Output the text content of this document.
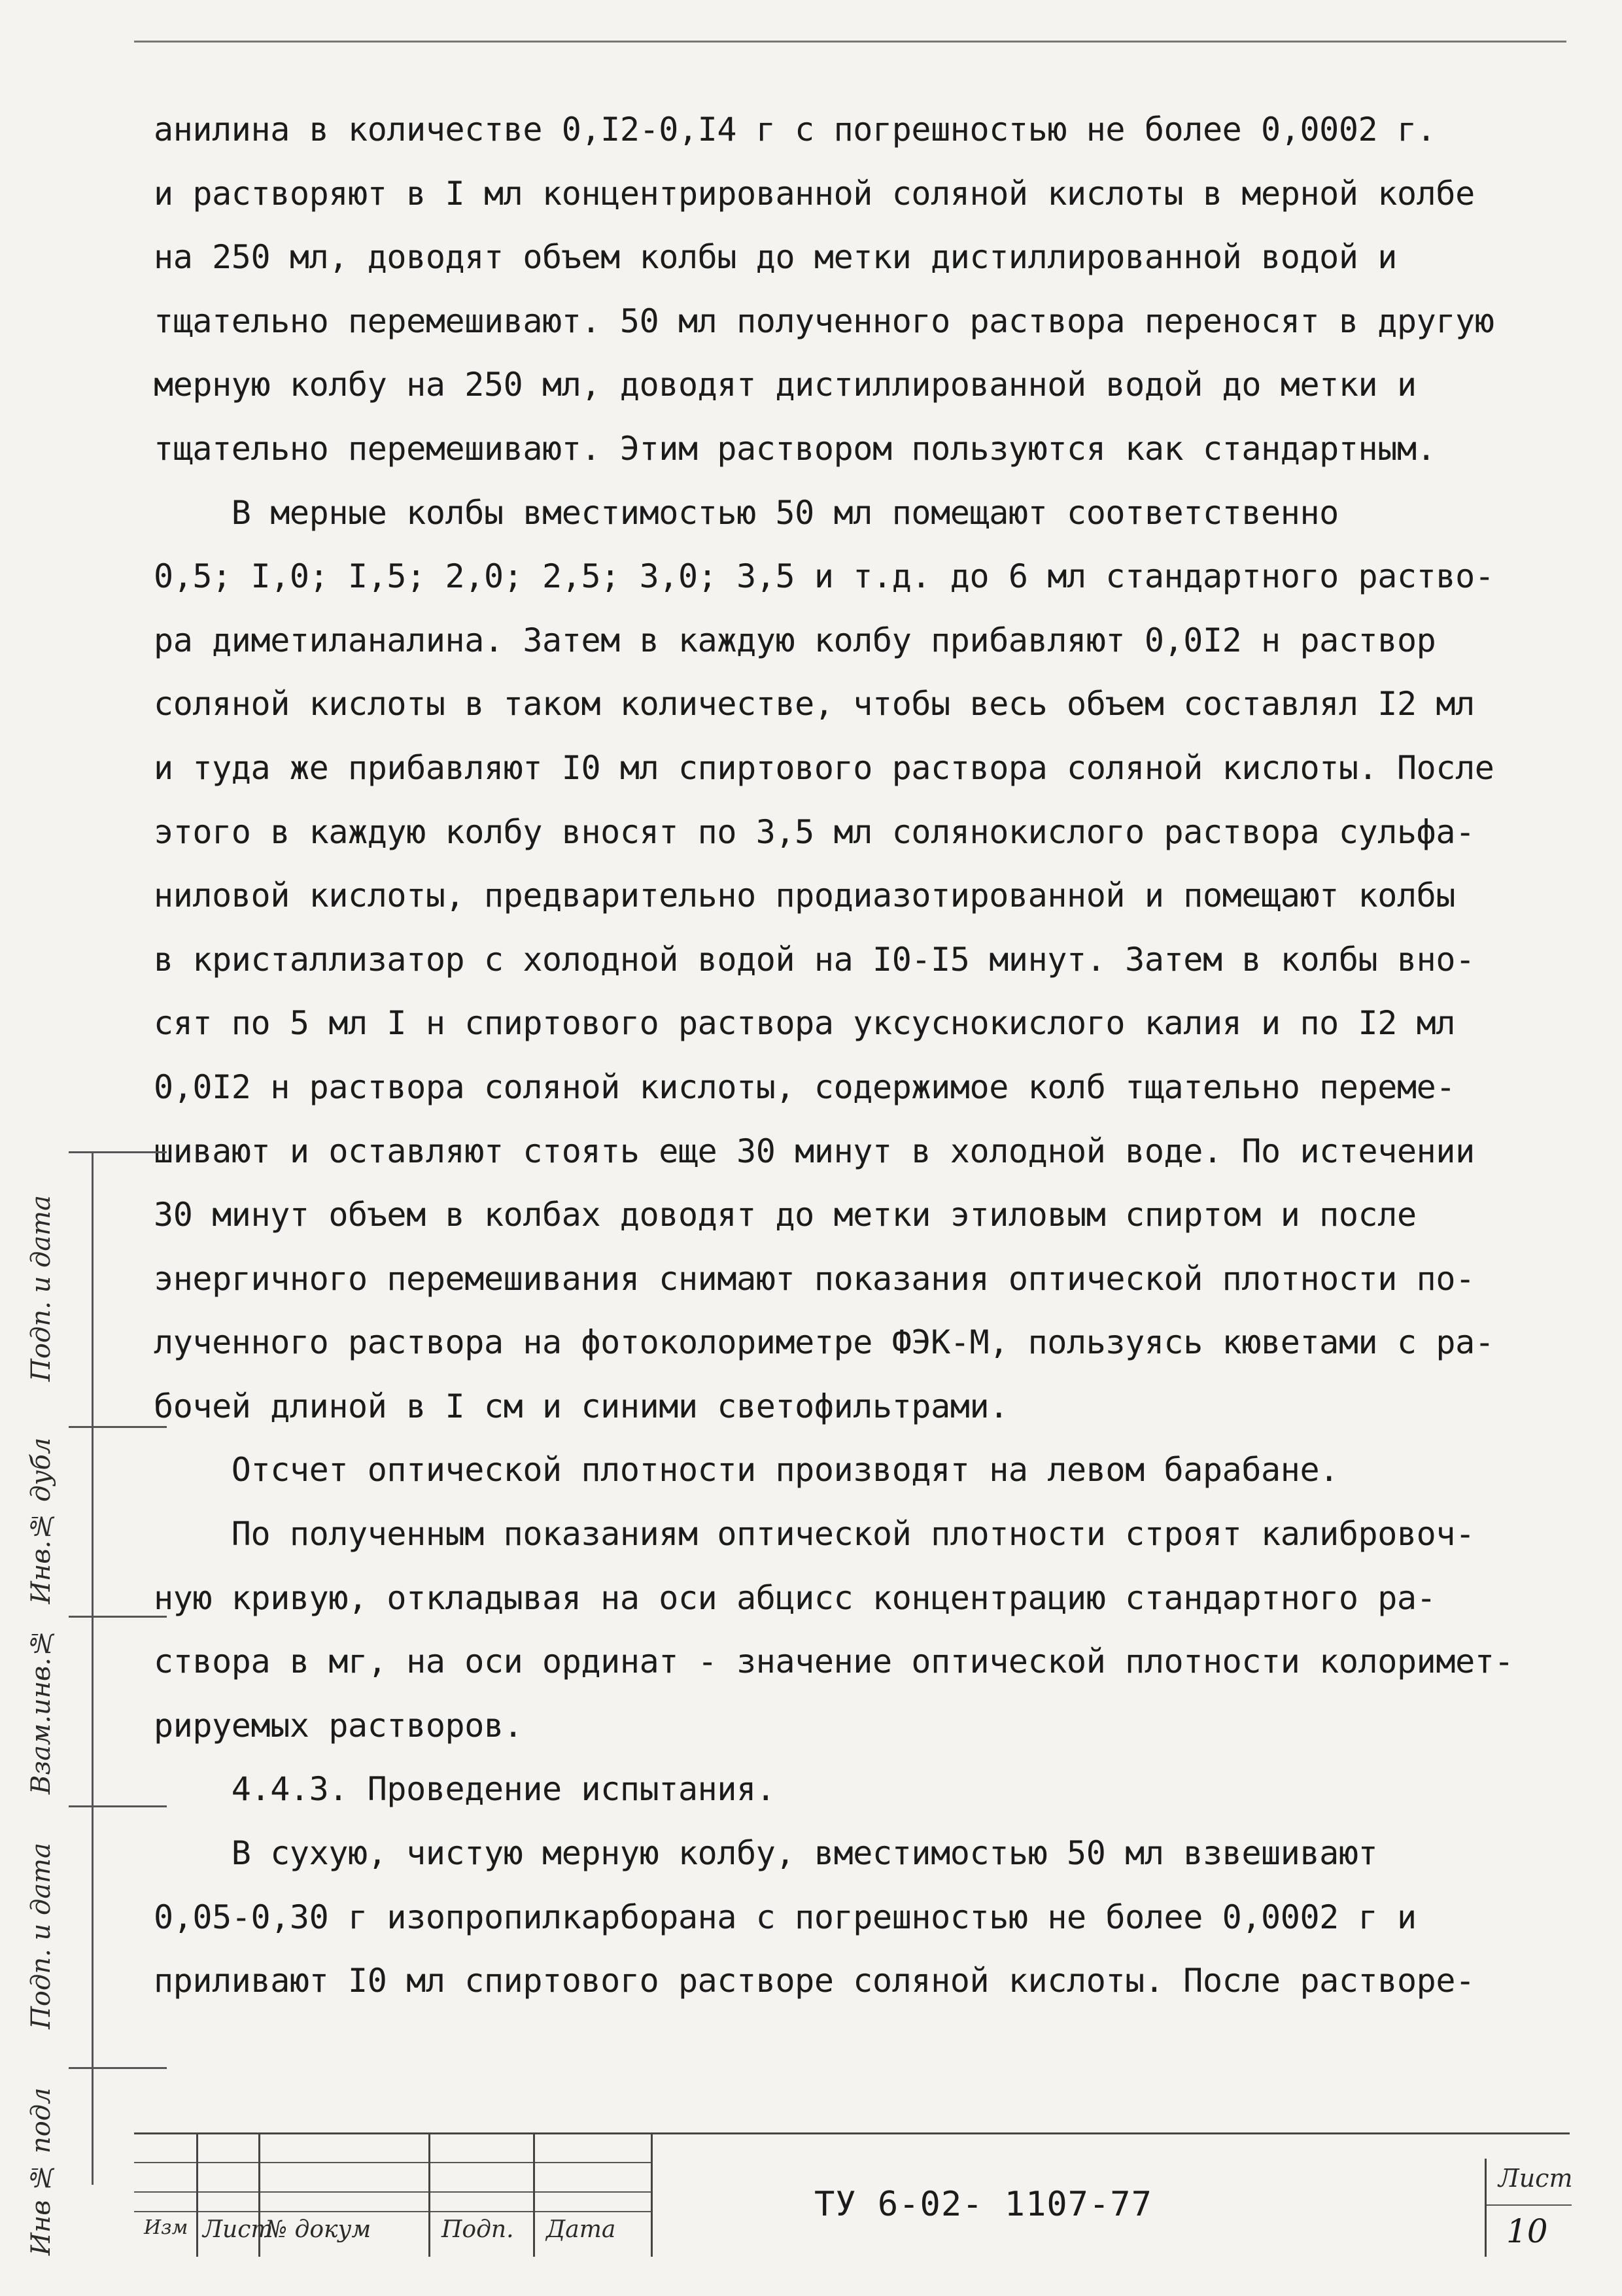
анилина в количестве 0,I2-0,I4 г с погрешностью не более 0,0002 г.
и растворяют в I мл концентрированной соляной кислоты в мерной колбе
на 250 мл, доводят объем колбы до метки дистиллированной водой и
тщательно перемешивают. 50 мл полученного раствора переносят в другую
мерную колбу на 250 мл, доводят дистиллированной водой до метки и
тщательно перемешивают. Этим раствором пользуются как стандартным.
В мерные колбы вместимостью 50 мл помещают соответственно
0,5; I,0; I,5; 2,0; 2,5; 3,0; 3,5 и т.д. до 6 мл стандартного раство-
ра диметиланалина. Затем в каждую колбу прибавляют 0,0I2 н раствор
соляной кислоты в таком количестве, чтобы весь объем составлял I2 мл
и туда же прибавляют I0 мл спиртового раствора соляной кислоты. После
этого в каждую колбу вносят по 3,5 мл солянокислого раствора сульфа-
ниловой кислоты, предварительно продиазотированной и помещают колбы
в кристаллизатор с холодной водой на I0-I5 минут. Затем в колбы вно-
сят по 5 мл I н спиртового раствора уксуснокислого калия и по I2 мл
0,0I2 н раствора соляной кислоты, содержимое колб тщательно переме-
шивают и оставляют стоять еще 30 минут в холодной воде. По истечении
30 минут объем в колбах доводят до метки этиловым спиртом и после
энергичного перемешивания снимают показания оптической плотности по-
лученного раствора на фотоколориметре ФЭК-М, пользуясь кюветами с ра-
бочей длиной в I см и синими светофильтрами.
Отсчет оптической плотности производят на левом барабане.
По полученным показаниям оптической плотности строят калибровоч-
ную кривую, откладывая на оси абцисс концентрацию стандартного ра-
створа в мг, на оси ординат - значение оптической плотности колоримет-
рируемых растворов.
4.4.3. Проведение испытания.
В сухую, чистую мерную колбу, вместимостью 50 мл взвешивают
0,05-0,30 г изопропилкарборана с погрешностью не более 0,0002 г и
приливают I0 мл спиртового растворе соляной кислоты. После растворе-
Подп. и дата
Инв.№ дубл
Взам.инв.№
Подп. и дата
Инв № подл	Изм Лист
№ докум	Подп. Дата
ТУ 6-02- 1107-77
Лист
10
